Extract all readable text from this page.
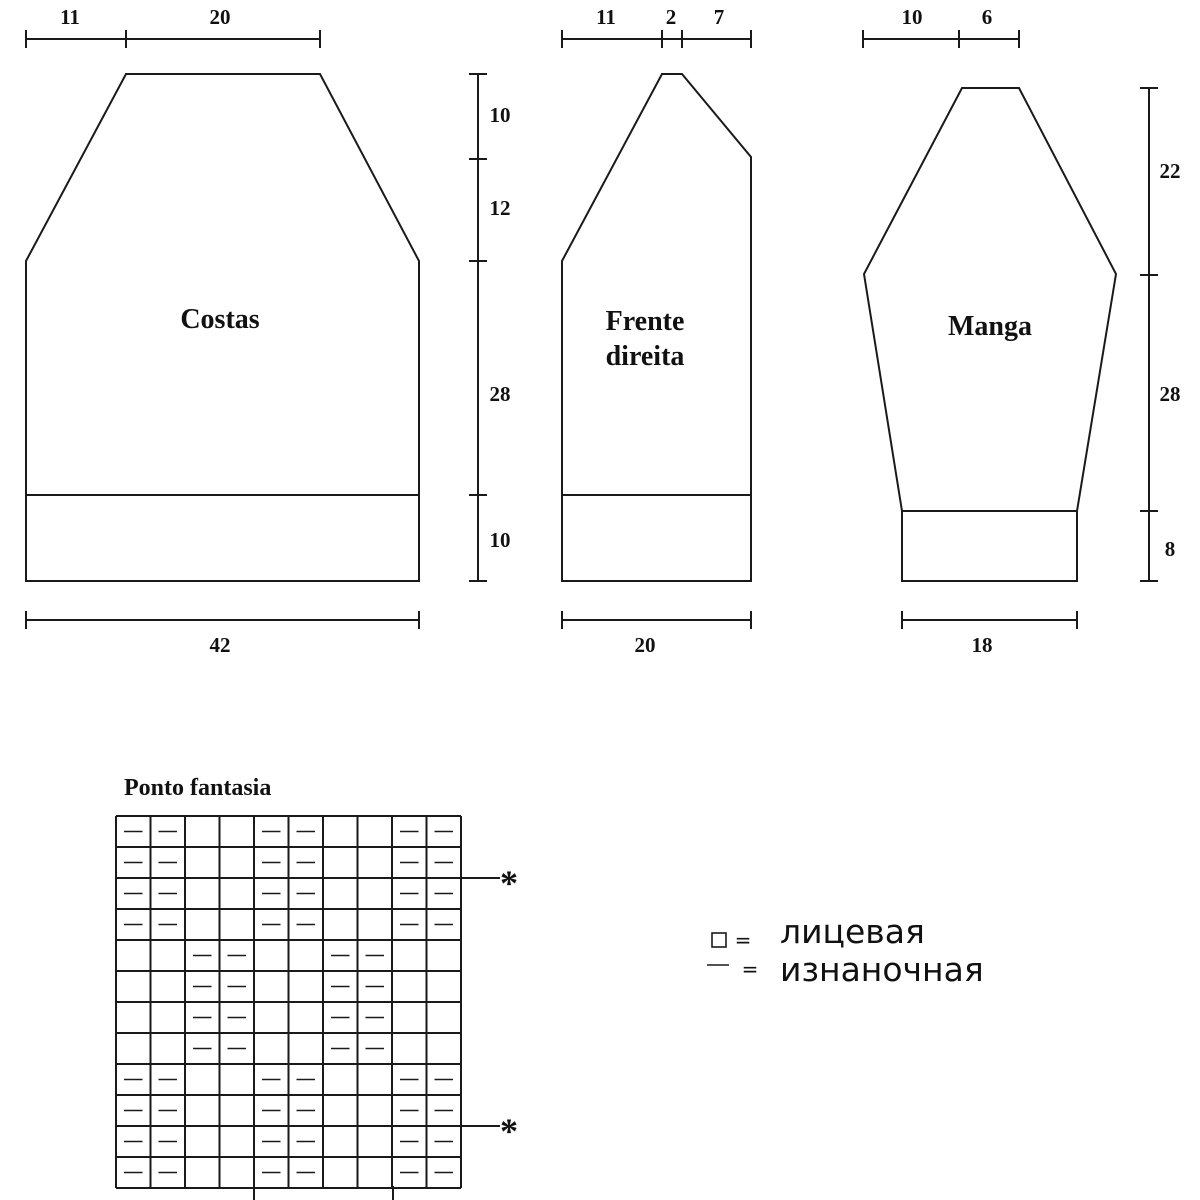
Costas
11	20
10
12
28
10
42
Frente
direita
11 2 7
20
Manga
10	6
22
28
8
18
Ponto fantasia
*
*
= лицевая
= изнаночная
